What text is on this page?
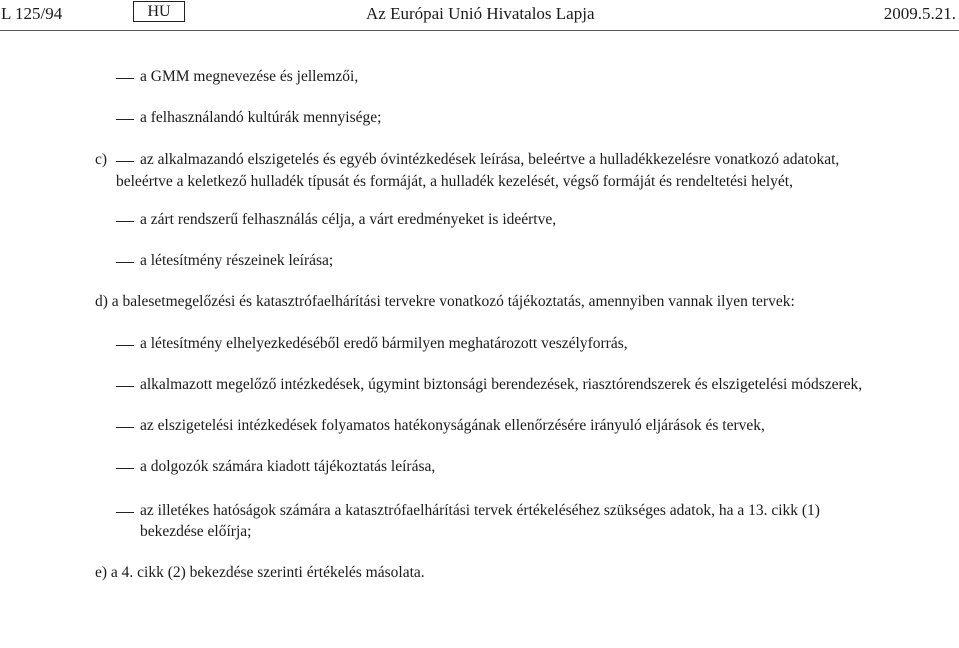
L 125/94	HU	Az Európai Unió Hivatalos Lapja	2009.5.21.
a GMM megnevezése és jellemzői,
a felhasználandó kultúrák mennyisége;
c) az alkalmazandó elszigetelés és egyéb óvintézkedések leírása, beleértve a hulladékkezelésre vonatkozó adatokat,
beleértve a keletkező hulladék típusát és formáját, a hulladék kezelését, végső formáját és rendeltetési helyét,
a zárt rendszerű felhasználás célja, a várt eredményeket is ideértve,
a létesítmény részeinek leírása;
d) a balesetmegelőzési és katasztrófaelhárítási tervekre vonatkozó tájékoztatás, amennyiben vannak ilyen tervek:
a létesítmény elhelyezkedéséből eredő bármilyen meghatározott veszélyforrás,
alkalmazott megelőző intézkedések, úgymint biztonsági berendezések, riasztórendszerek és elszigetelési módszerek,
az elszigetelési intézkedések folyamatos hatékonyságának ellenőrzésére irányuló eljárások és tervek,
a dolgozók számára kiadott tájékoztatás leírása,
az illetékes hatóságok számára a katasztrófaelhárítási tervek értékeléséhez szükséges adatok, ha a 13. cikk (1)
bekezdése előírja;
e) a 4. cikk (2) bekezdése szerinti értékelés másolata.
